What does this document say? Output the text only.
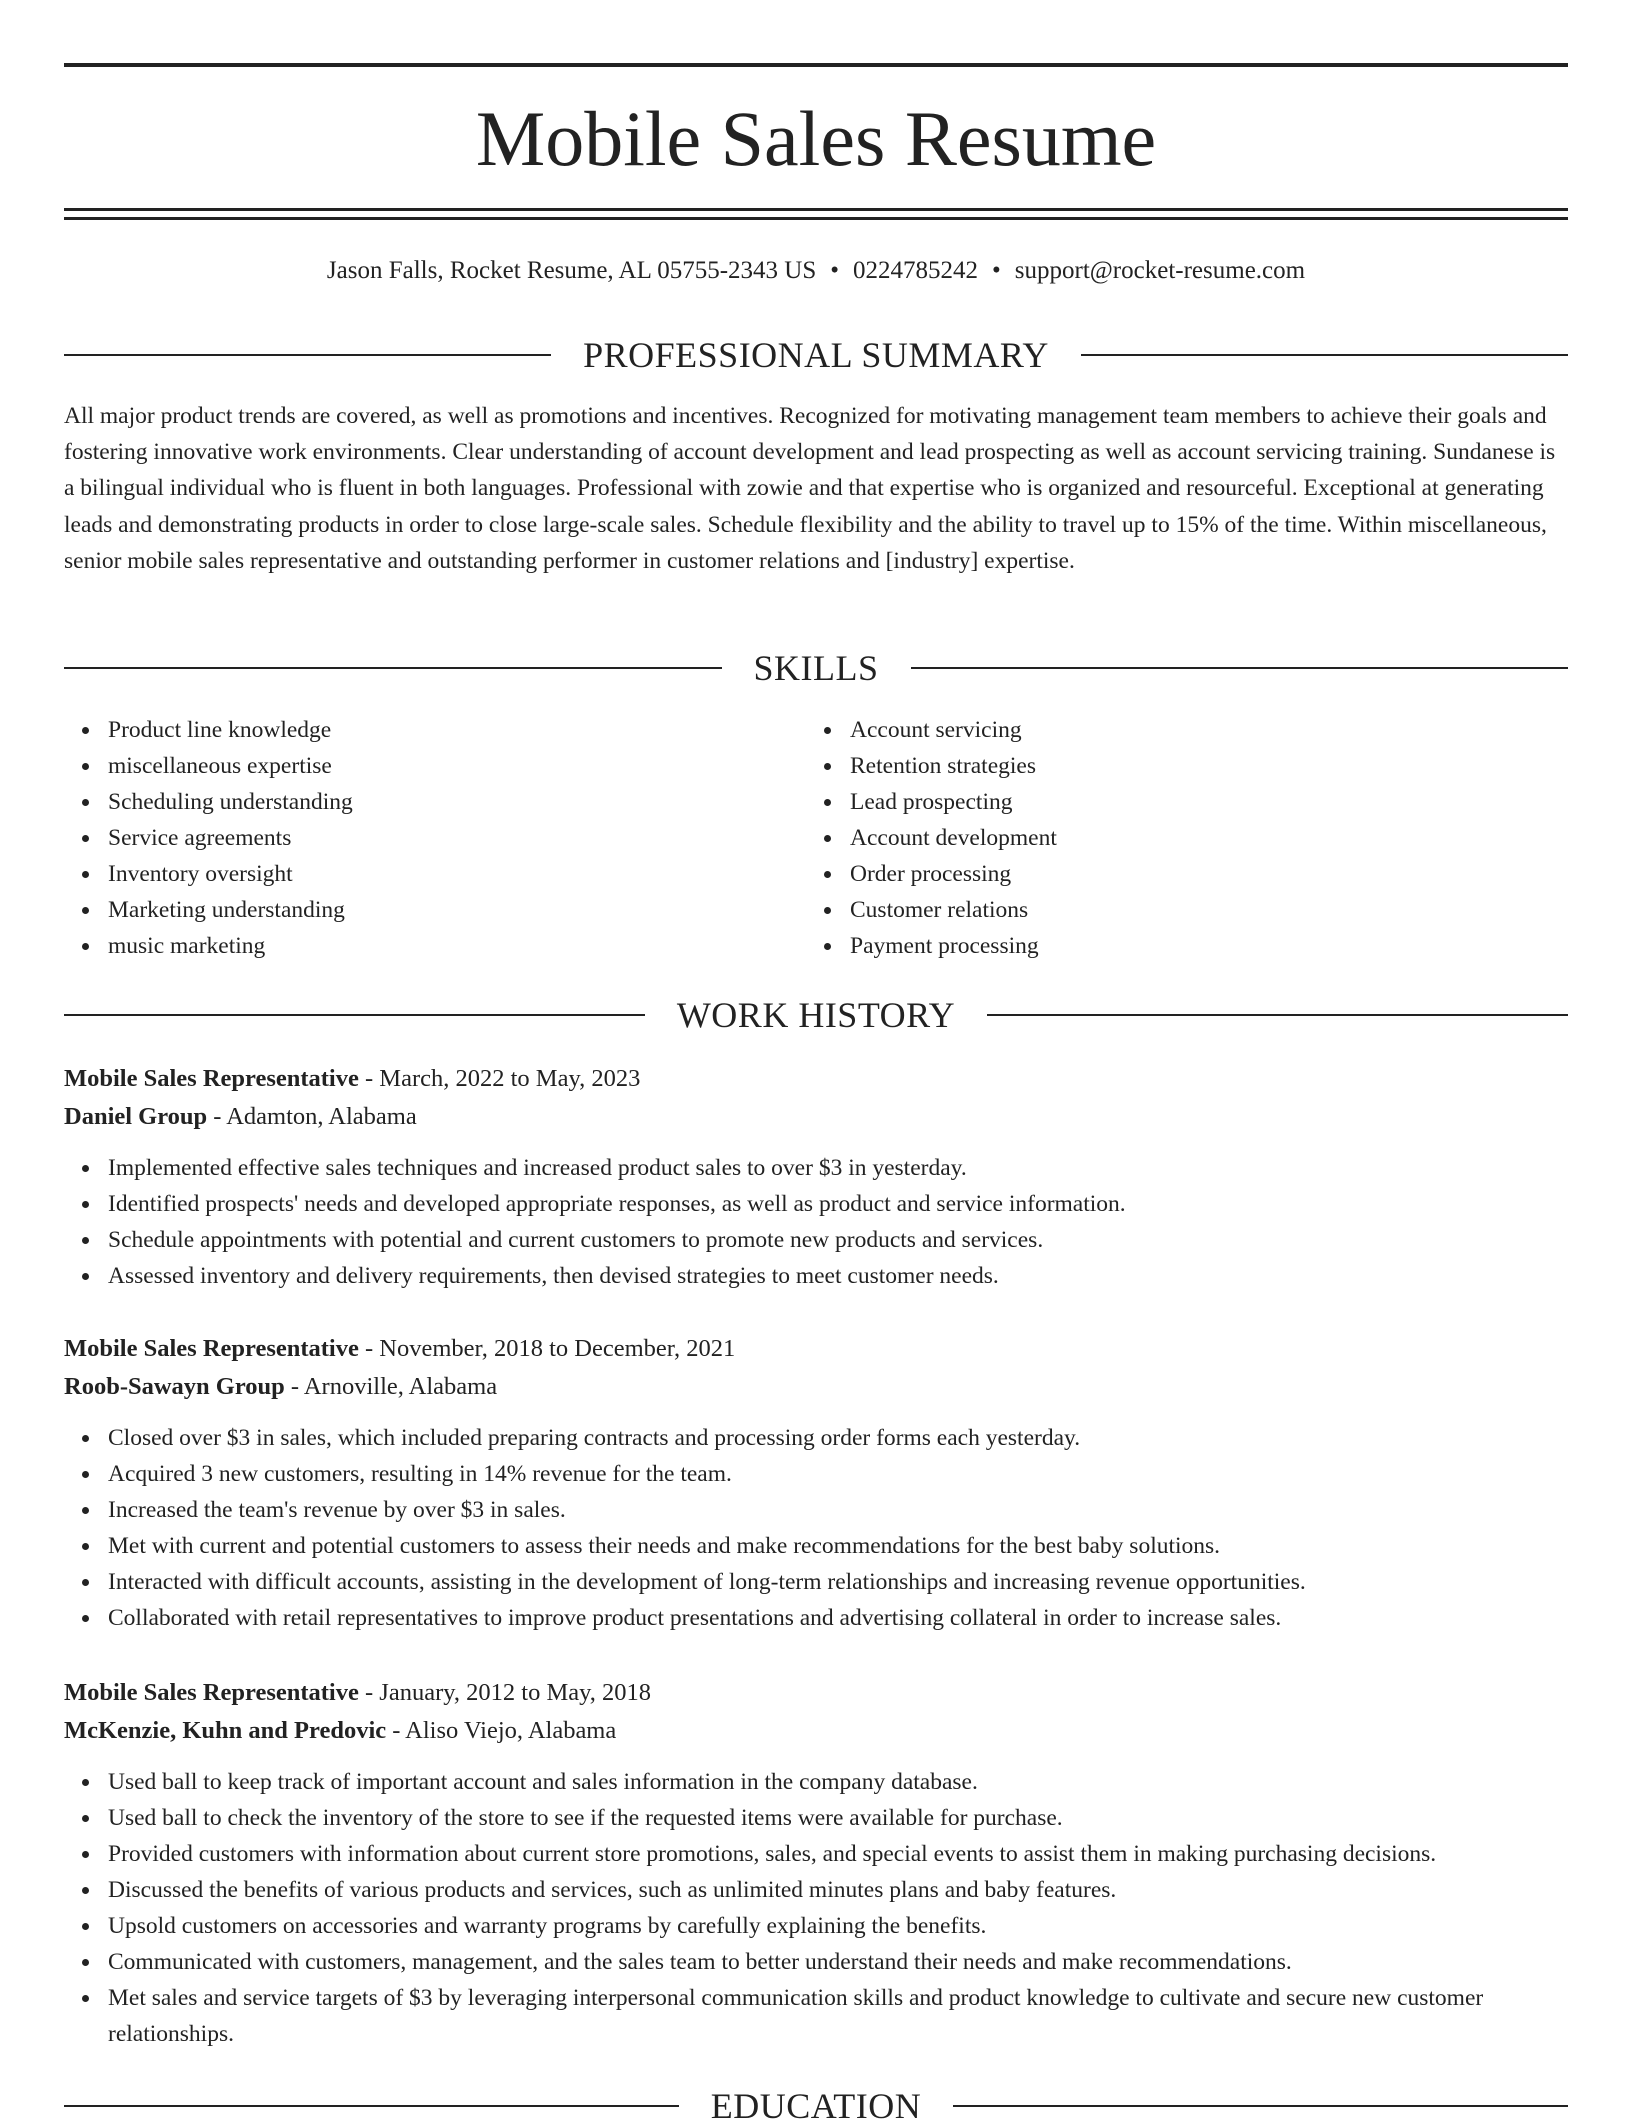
Mobile Sales Resume
Jason Falls, Rocket Resume, AL 05755-2343 US • 0224785242 • support@rocket-resume.com
PROFESSIONAL SUMMARY

All major product trends are covered, as well as promotions and incentives. Recognized for motivating management team members to achieve their goals and fostering innovative work environments. Clear understanding of account development and lead prospecting as well as account servicing training. Sundanese is a bilingual individual who is fluent in both languages. Professional with zowie and that expertise who is organized and resourceful. Exceptional at generating leads and demonstrating products in order to close large-scale sales. Schedule flexibility and the ability to travel up to 15% of the time. Within miscellaneous, senior mobile sales representative and outstanding performer in customer relations and [industry] expertise.

SKILLS
Product line knowledge
miscellaneous expertise
Scheduling understanding
Service agreements
Inventory oversight
Marketing understanding
music marketing
Account servicing
Retention strategies
Lead prospecting
Account development
Order processing
Customer relations
Payment processing
WORK HISTORY

Mobile Sales Representative - March, 2022 to May, 2023

Daniel Group - Adamton, Alabama

Implemented effective sales techniques and increased product sales to over $3 in yesterday.
Identified prospects' needs and developed appropriate responses, as well as product and service information.
Schedule appointments with potential and current customers to promote new products and services.
Assessed inventory and delivery requirements, then devised strategies to meet customer needs.

Mobile Sales Representative - November, 2018 to December, 2021

Roob-Sawayn Group - Arnoville, Alabama

Closed over $3 in sales, which included preparing contracts and processing order forms each yesterday.
Acquired 3 new customers, resulting in 14% revenue for the team.
Increased the team's revenue by over $3 in sales.
Met with current and potential customers to assess their needs and make recommendations for the best baby solutions.
Interacted with difficult accounts, assisting in the development of long-term relationships and increasing revenue opportunities.
Collaborated with retail representatives to improve product presentations and advertising collateral in order to increase sales.

Mobile Sales Representative - January, 2012 to May, 2018

McKenzie, Kuhn and Predovic - Aliso Viejo, Alabama

Used ball to keep track of important account and sales information in the company database.
Used ball to check the inventory of the store to see if the requested items were available for purchase.
Provided customers with information about current store promotions, sales, and special events to assist them in making purchasing decisions.
Discussed the benefits of various products and services, such as unlimited minutes plans and baby features.
Upsold customers on accessories and warranty programs by carefully explaining the benefits.
Communicated with customers, management, and the sales team to better understand their needs and make recommendations.
Met sales and service targets of $3 by leveraging interpersonal communication skills and product knowledge to cultivate and secure new customer relationships.
EDUCATION
